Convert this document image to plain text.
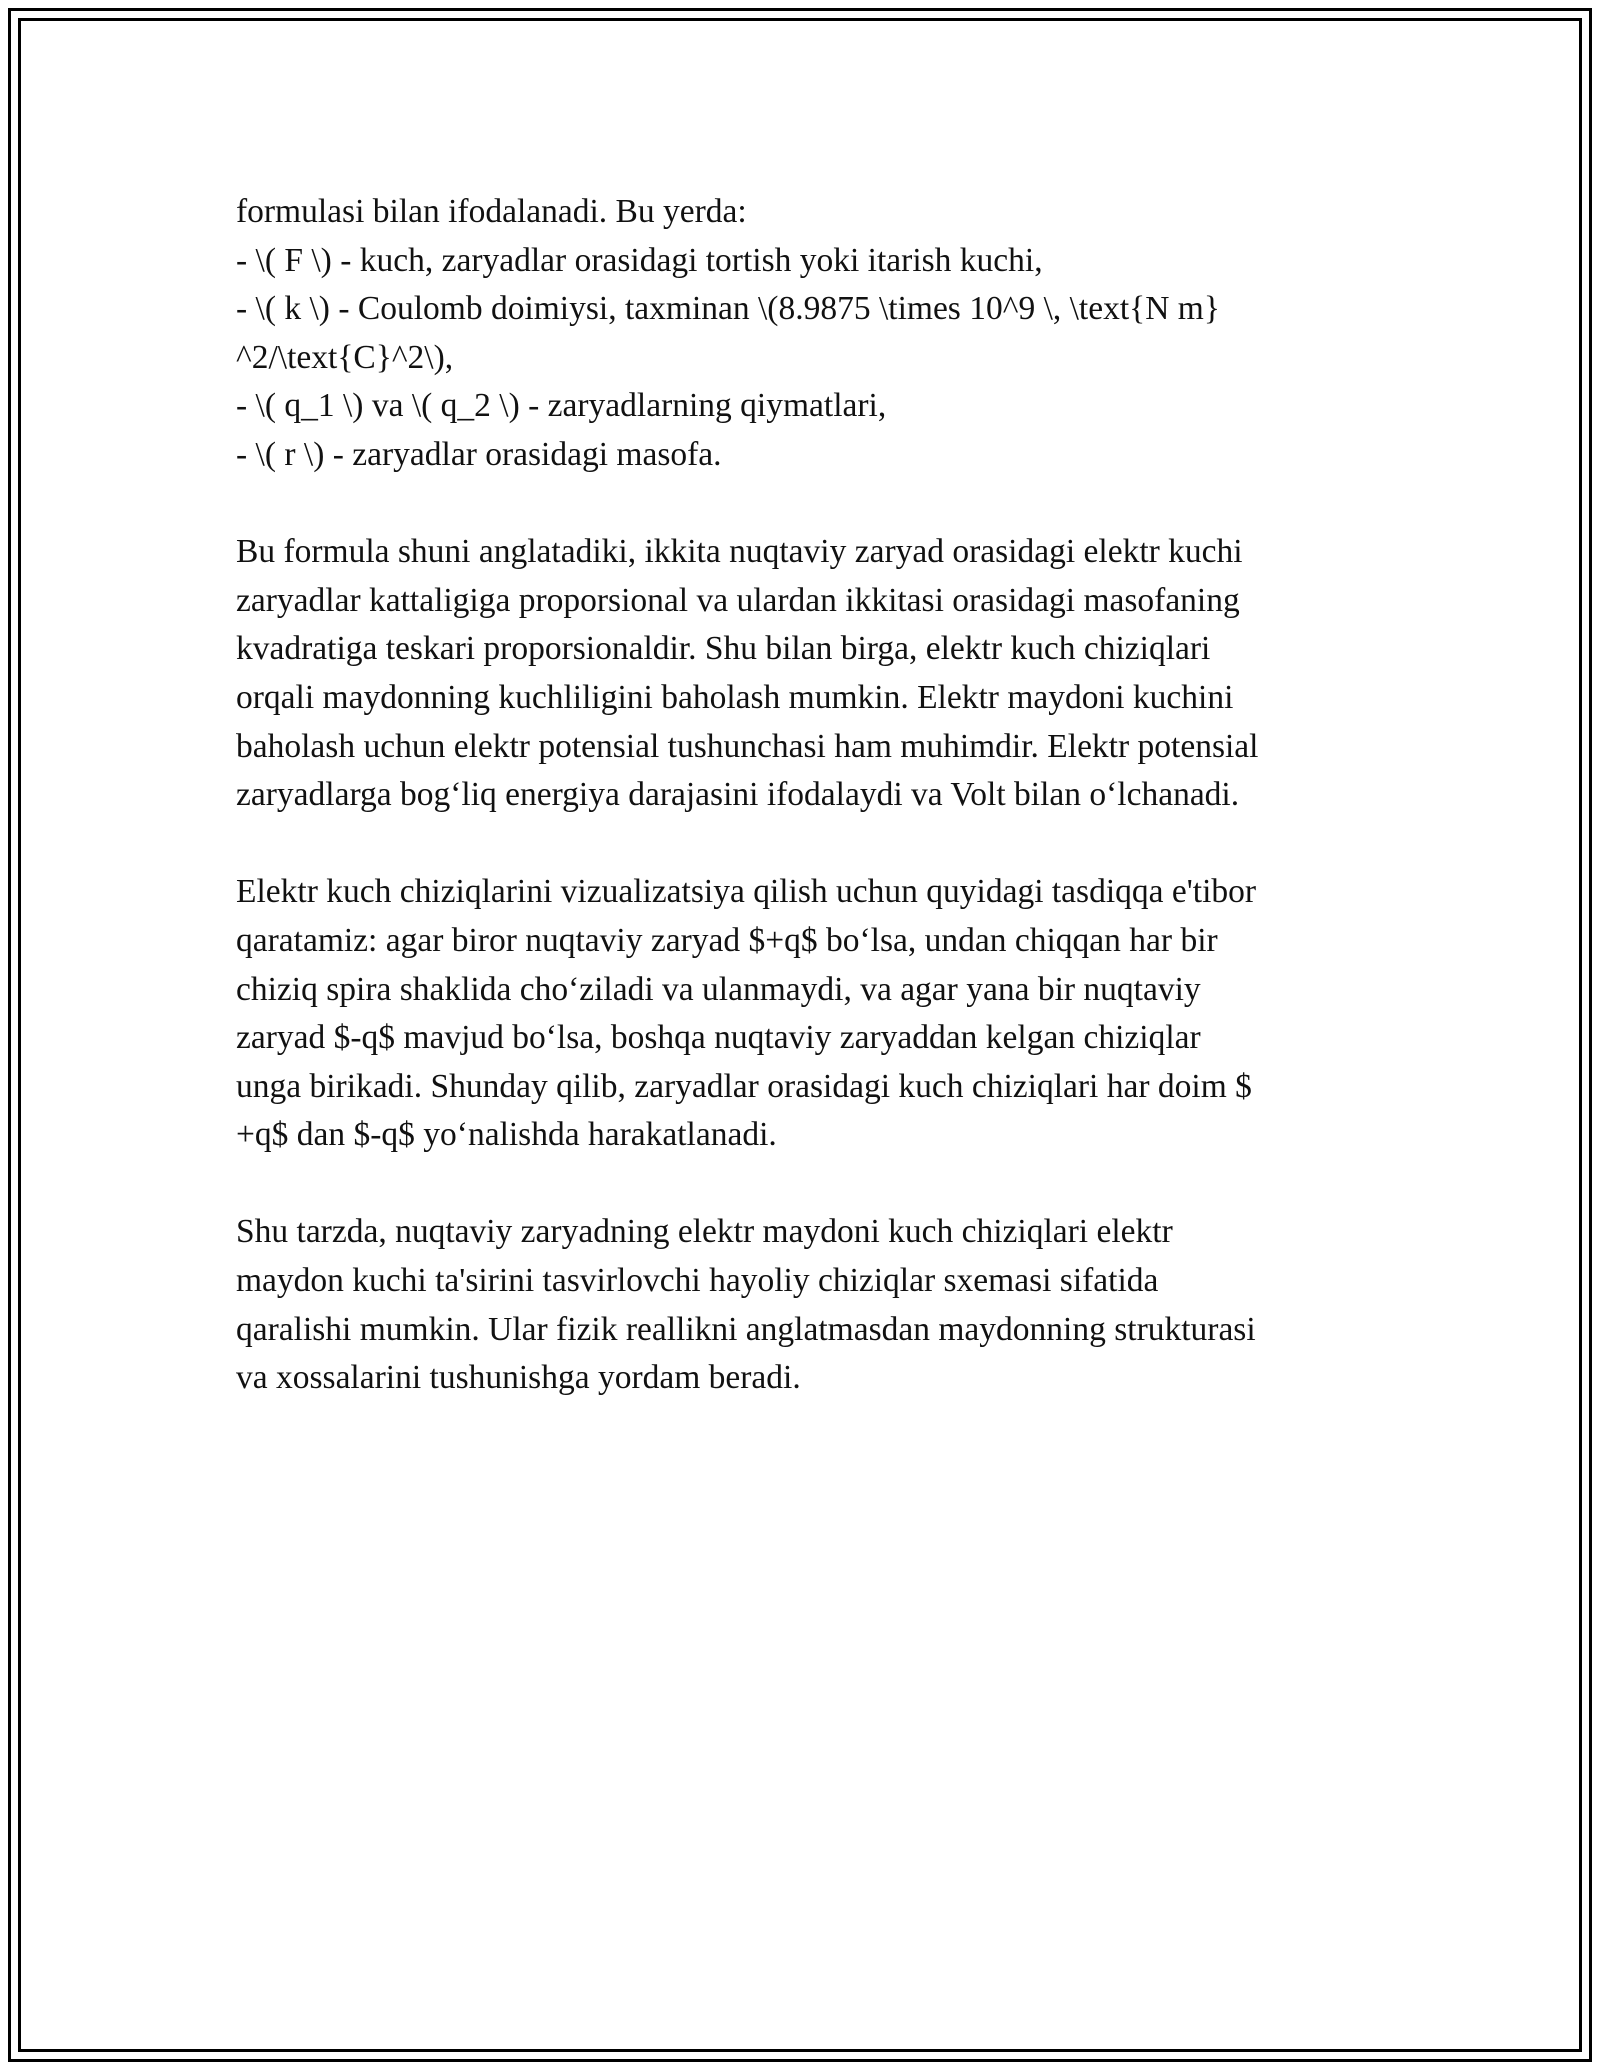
formulasi bilan ifodalanadi. Bu yerda:
- \( F \) - kuch, zaryadlar orasidagi tortish yoki itarish kuchi,
- \( k \) - Coulomb doimiysi, taxminan \(8.9875 \times 10^9 \, \text{N m}
^2/\text{C}^2\),
- \( q_1 \) va \( q_2 \) - zaryadlarning qiymatlari,
- \( r \) - zaryadlar orasidagi masofa.
Bu formula shuni anglatadiki, ikkita nuqtaviy zaryad orasidagi elektr kuchi
zaryadlar kattaligiga proporsional va ulardan ikkitasi orasidagi masofaning
kvadratiga teskari proporsionaldir. Shu bilan birga, elektr kuch chiziqlari
orqali maydonning kuchliligini baholash mumkin. Elektr maydoni kuchini
baholash uchun elektr potensial tushunchasi ham muhimdir. Elektr potensial
zaryadlarga bog‘liq energiya darajasini ifodalaydi va Volt bilan o‘lchanadi.
Elektr kuch chiziqlarini vizualizatsiya qilish uchun quyidagi tasdiqqa e'tibor
qaratamiz: agar biror nuqtaviy zaryad $+q$ bo‘lsa, undan chiqqan har bir
chiziq spira shaklida cho‘ziladi va ulanmaydi, va agar yana bir nuqtaviy
zaryad $-q$ mavjud bo‘lsa, boshqa nuqtaviy zaryaddan kelgan chiziqlar
unga birikadi. Shunday qilib, zaryadlar orasidagi kuch chiziqlari har doim $
+q$ dan $-q$ yo‘nalishda harakatlanadi.
Shu tarzda, nuqtaviy zaryadning elektr maydoni kuch chiziqlari elektr
maydon kuchi ta'sirini tasvirlovchi hayoliy chiziqlar sxemasi sifatida
qaralishi mumkin. Ular fizik reallikni anglatmasdan maydonning strukturasi
va xossalarini tushunishga yordam beradi.
